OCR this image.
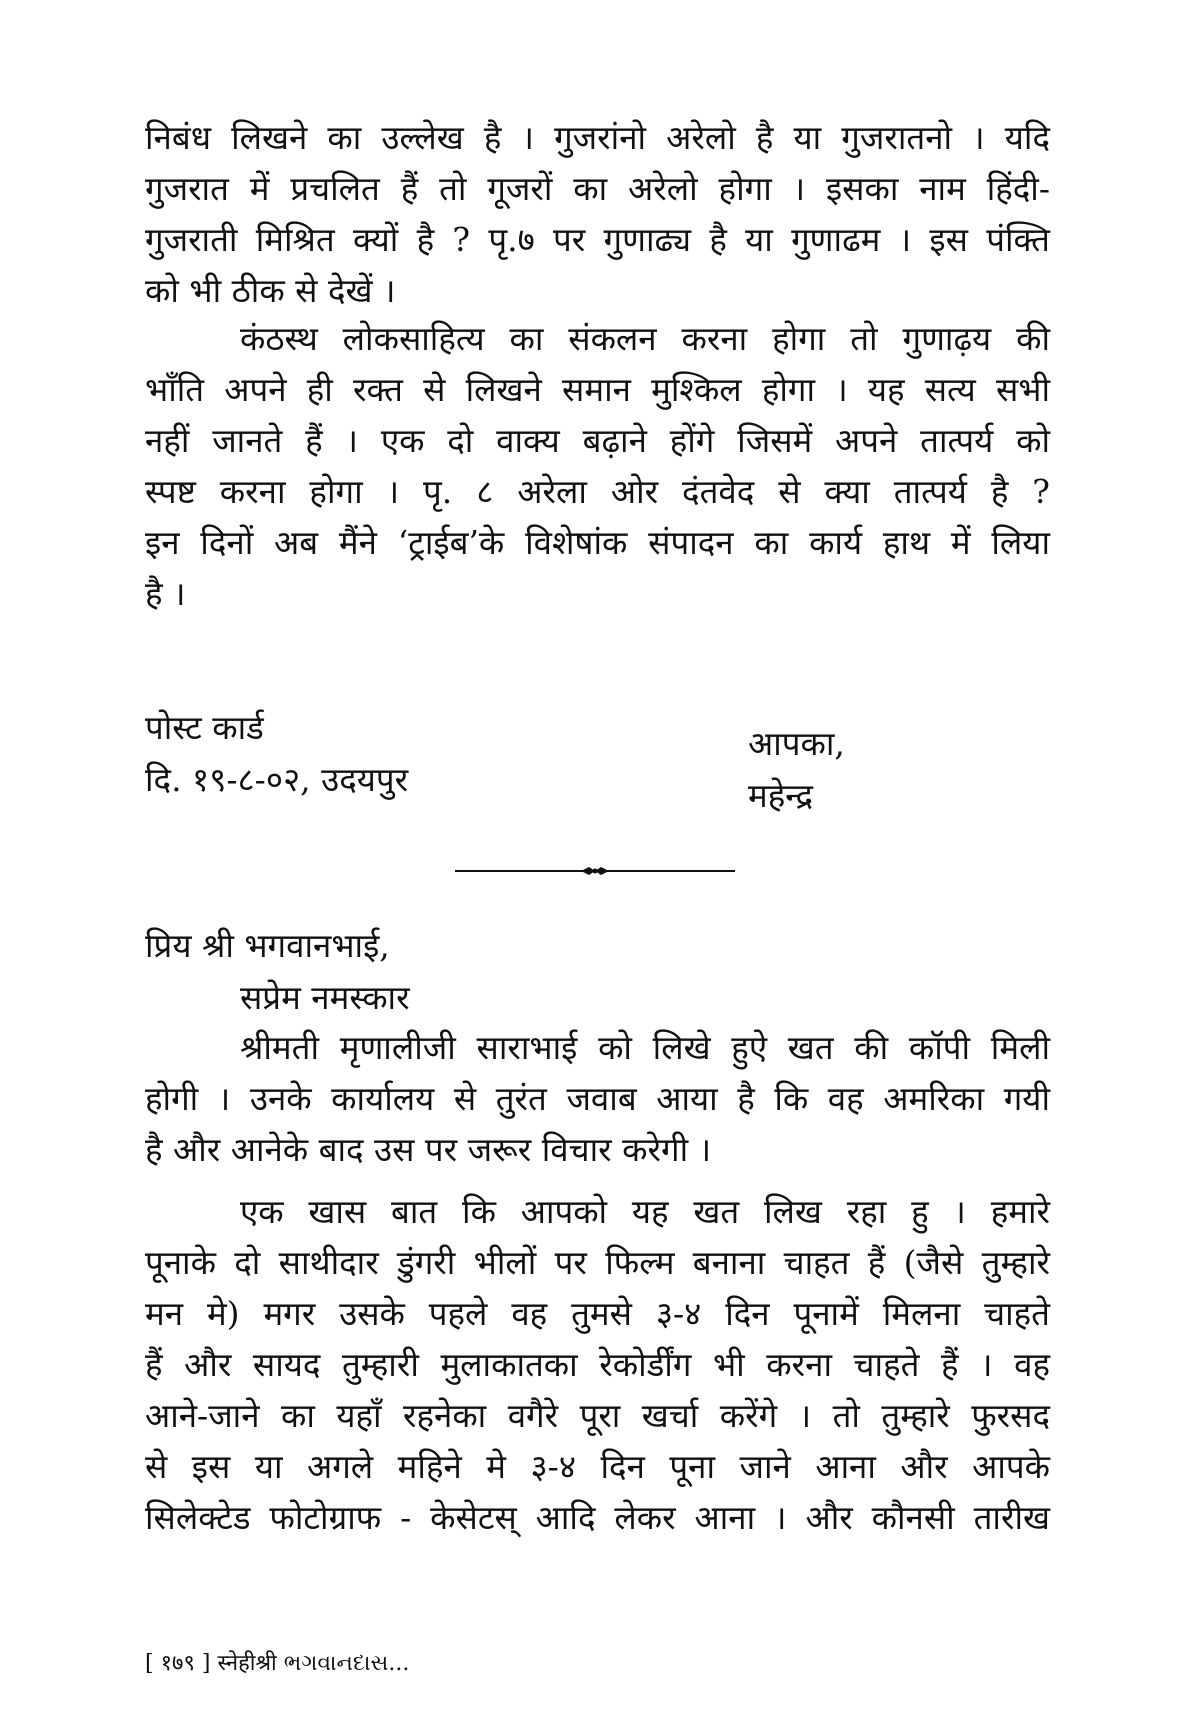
निबंध लिखने का उल्लेख है । गुजरांनो अरेलो है या गुजरातनो । यदि
गुजरात में प्रचलित हैं तो गूजरों का अरेलो होगा । इसका नाम हिंदी-
गुजराती मिश्रित क्यों है ? पृ.७ पर गुणाढ्य है या गुणाढम । इस पंक्ति
को भी ठीक से देखें ।
कंठस्थ लोकसाहित्य का संकलन करना होगा तो गुणाढ़य की
भाँति अपने ही रक्त से लिखने समान मुश्किल होगा । यह सत्य सभी
नहीं जानते हैं । एक दो वाक्य बढ़ाने होंगे जिसमें अपने तात्पर्य को
स्पष्ट करना होगा । पृ. ८ अरेला ओर दंतवेद से क्या तात्पर्य है ?
इन दिनों अब मैंने ‘ट्राईब’के विशेषांक संपादन का कार्य हाथ में लिया
है ।

पोस्ट कार्ड

दि. १९-८-०२, उदयपुर

आपका,

महेन्द्र

प्रिय श्री भगवानभाई,

सप्रेम नमस्कार

श्रीमती मृणालीजी साराभाई को लिखे हुऐ खत की कॉपी मिली
होगी । उनके कार्यालय से तुरंत जवाब आया है कि वह अमरिका गयी
है और आनेके बाद उस पर जरूर विचार करेगी ।
एक खास बात कि आपको यह खत लिख रहा हु । हमारे
पूनाके दो साथीदार डुंगरी भीलों पर फिल्म बनाना चाहत हैं (जैसे तुम्हारे
मन मे) मगर उसके पहले वह तुमसे ३-४ दिन पूनामें मिलना चाहते
हैं और सायद तुम्हारी मुलाकातका रेकोर्डींग भी करना चाहते हैं । वह
आने-जाने का यहाँ रहनेका वगैरे पूरा खर्चा करेंगे । तो तुम्हारे फुरसद
से इस या अगले महिने मे ३-४ दिन पूना जाने आना और आपके
सिलेक्टेड फोटोग्राफ - केसेटस् आदि लेकर आना । और कौनसी तारीख

[ १७९ ] स्नेहीश्री ભગવાનદાસ...
